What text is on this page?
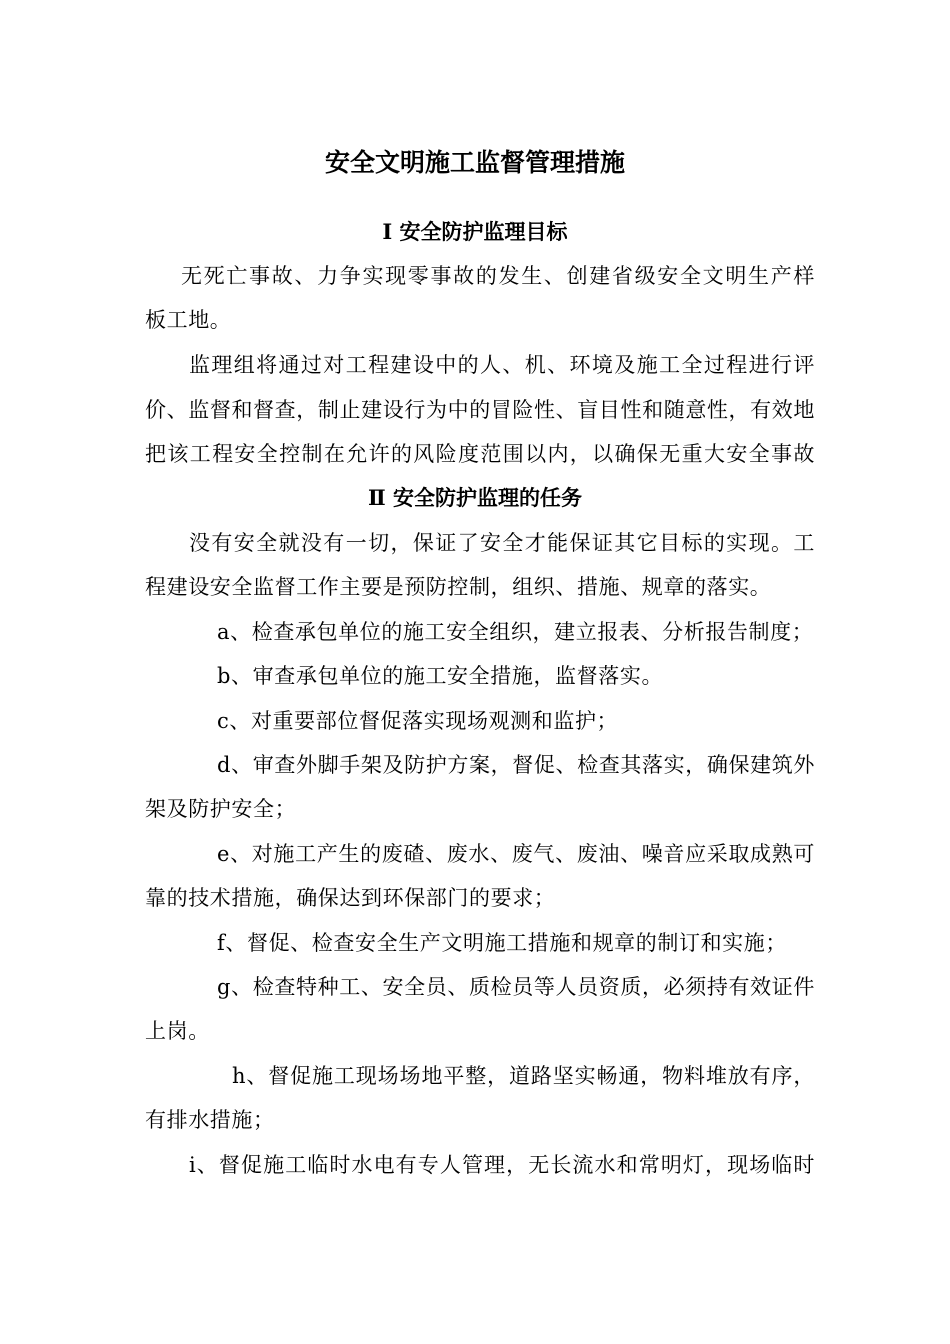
安全文明施工监督管理措施
Ⅰ 安全防护监理目标
无死亡事故、力争实现零事故的发生、创建省级安全文明生产样
板工地。
监理组将通过对工程建设中的人、机、环境及施工全过程进行评
价、监督和督查，制止建设行为中的冒险性、盲目性和随意性，有效地
把该工程安全控制在允许的风险度范围以内，以确保无重大安全事故
Ⅱ 安全防护监理的任务
没有安全就没有一切，保证了安全才能保证其它目标的实现。工
程建设安全监督工作主要是预防控制，组织、措施、规章的落实。
a、检查承包单位的施工安全组织，建立报表、分析报告制度；
b、审查承包单位的施工安全措施，监督落实。
c、对重要部位督促落实现场观测和监护；
d、审查外脚手架及防护方案，督促、检查其落实，确保建筑外
架及防护安全；
e、对施工产生的废碴、废水、废气、废油、噪音应采取成熟可
靠的技术措施，确保达到环保部门的要求；
f、督促、检查安全生产文明施工措施和规章的制订和实施；
g、检查特种工、安全员、质检员等人员资质，必须持有效证件
上岗。
h、督促施工现场场地平整，道路坚实畅通，物料堆放有序，
有排水措施；
i、督促施工临时水电有专人管理，无长流水和常明灯，现场临时
